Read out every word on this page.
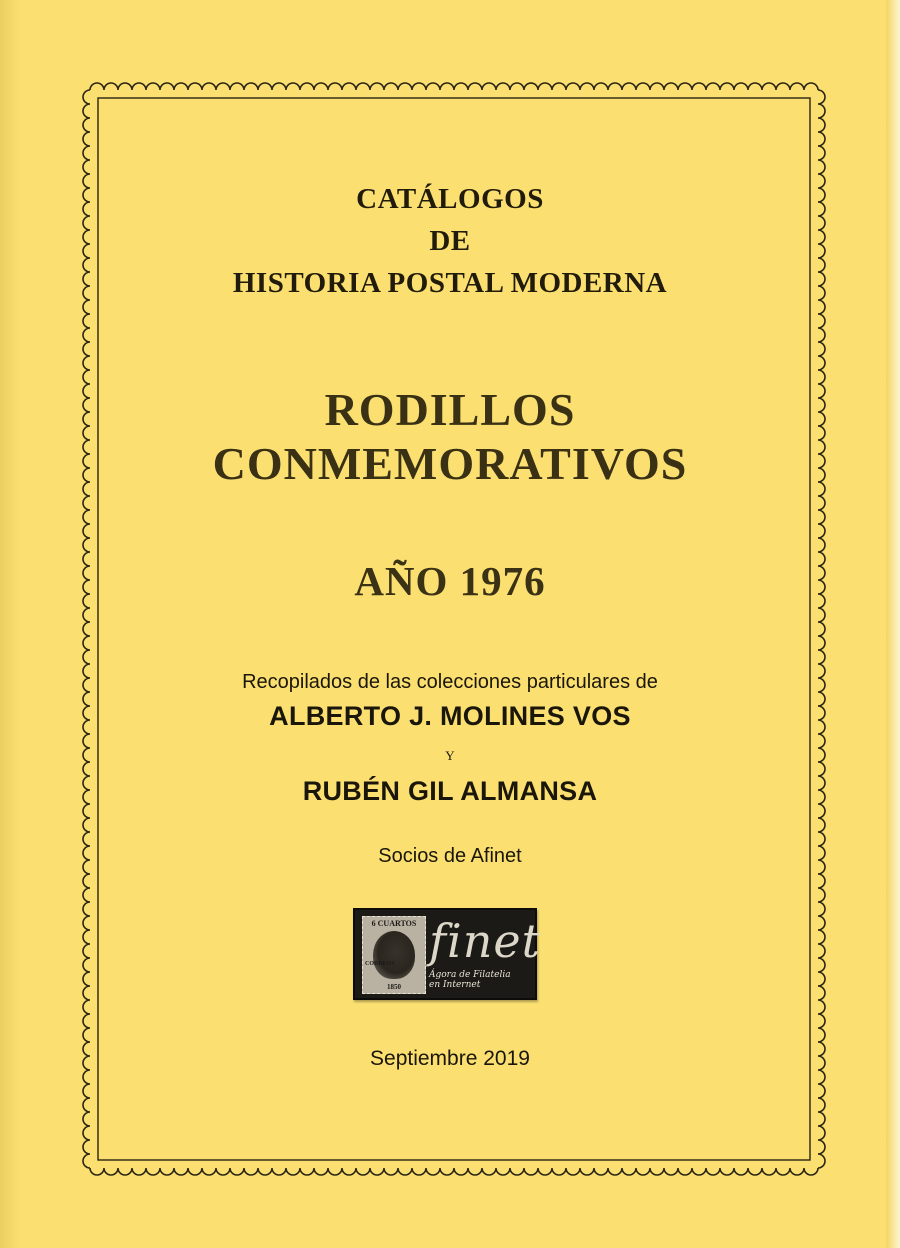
CATÁLOGOS
DE
HISTORIA POSTAL MODERNA
RODILLOS
CONMEMORATIVOS
AÑO 1976
Recopilados de las colecciones particulares de
ALBERTO J. MOLINES VOS
Y
RUBÉN GIL ALMANSA
Socios de Afinet
Septiembre 2019
6 CUARTOS
CORREOS
1850
finet
Ágora de Filatelia
en Internet
